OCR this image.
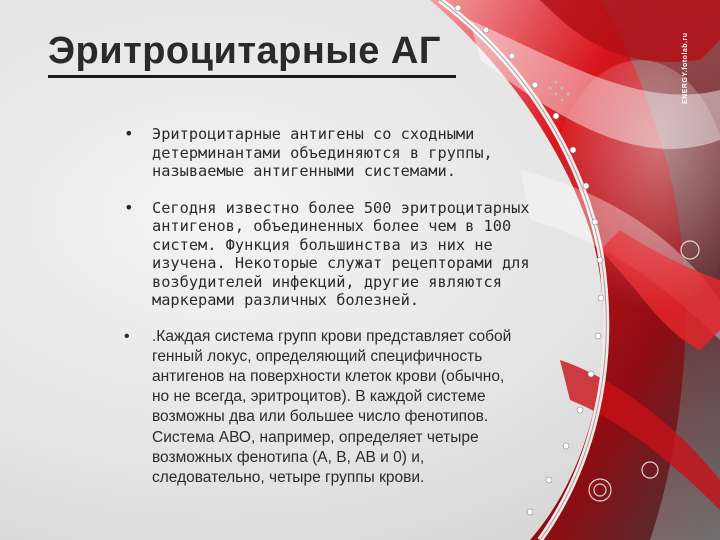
ENERGY.fotolab.ru
Эритроцитарные АГ
• Эритроцитарные антигены со сходными
детерминантами объединяются в группы,
называемые антигенными системами.
• Сегодня известно более 500 эритроцитарных
антигенов, объединенных более чем в 100
систем. Функция большинства из них не
изучена. Некоторые служат рецепторами для
возбудителей инфекций, другие являются
маркерами различных болезней.
• .Каждая система групп крови представляет собой
генный локус, определяющий специфичность
антигенов на поверхности клеток крови (обычно,
но не всегда, эритроцитов). В каждой системе
возможны два или большее число фенотипов.
Система АВО, например, определяет четыре
возможных фенотипа (А, В, АВ и 0) и,
следовательно, четыре группы крови.
